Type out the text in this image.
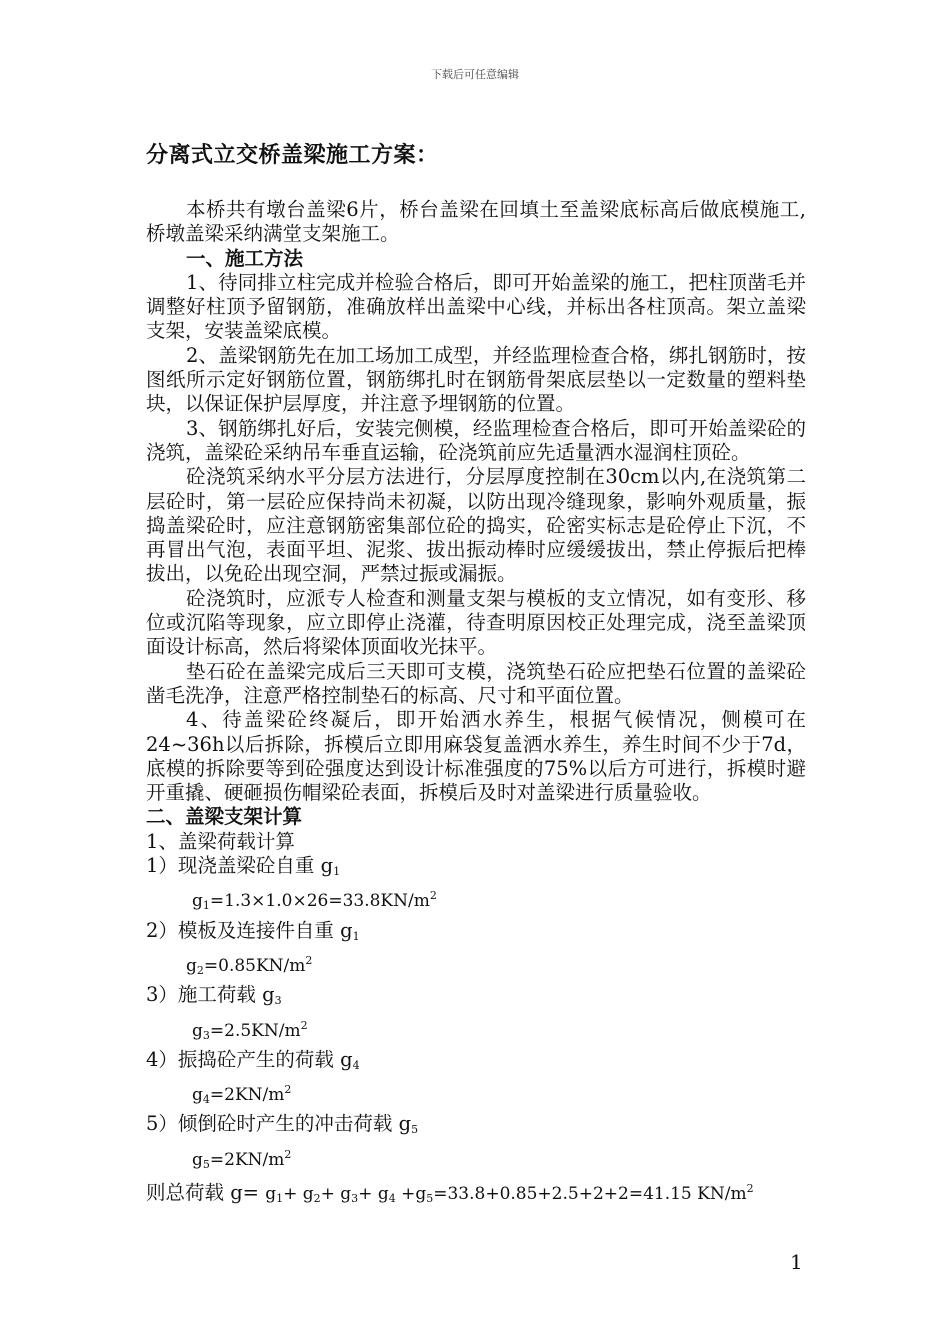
下载后可任意编辑
分离式立交桥盖梁施工方案：

本桥共有墩台盖梁6片，桥台盖梁在回填土至盖梁底标高后做底模施工,桥墩盖梁采纳满堂支架施工。

一、施工方法

1、待同排立柱完成并检验合格后，即可开始盖梁的施工，把柱顶凿毛并调整好柱顶予留钢筋，准确放样出盖梁中心线，并标出各柱顶高。架立盖梁支架，安装盖梁底模。

2、盖梁钢筋先在加工场加工成型，并经监理检查合格，绑扎钢筋时，按图纸所示定好钢筋位置，钢筋绑扎时在钢筋骨架底层垫以一定数量的塑料垫块，以保证保护层厚度，并注意予埋钢筋的位置。

3、钢筋绑扎好后，安装完侧模，经监理检查合格后，即可开始盖梁砼的浇筑，盖梁砼采纳吊车垂直运输，砼浇筑前应先适量洒水湿润柱顶砼。

砼浇筑采纳水平分层方法进行，分层厚度控制在30cm以内,在浇筑第二层砼时，第一层砼应保持尚未初凝，以防出现冷缝现象，影响外观质量，振捣盖梁砼时，应注意钢筋密集部位砼的捣实，砼密实标志是砼停止下沉，不再冒出气泡，表面平坦、泥浆、拔出振动棒时应缓缓拔出，禁止停振后把棒拔出，以免砼出现空洞，严禁过振或漏振。

砼浇筑时，应派专人检查和测量支架与模板的支立情况，如有变形、移位或沉陷等现象，应立即停止浇灌，待查明原因校正处理完成，浇至盖梁顶面设计标高，然后将梁体顶面收光抹平。

垫石砼在盖梁完成后三天即可支模，浇筑垫石砼应把垫石位置的盖梁砼凿毛洗净，注意严格控制垫石的标高、尺寸和平面位置。

4、待盖梁砼终凝后，即开始洒水养生，根据气候情况，侧模可在24~36h以后拆除，拆模后立即用麻袋复盖洒水养生，养生时间不少于7d，底模的拆除要等到砼强度达到设计标准强度的75%以后方可进行，拆模时避开重撬、硬砸损伤帽梁砼表面，拆模后及时对盖梁进行质量验收。

二、盖梁支架计算

1、盖梁荷载计算

1）现浇盖梁砼自重 $g_1$

$g_1=1.3\times 1.0\times 26=33.8KN/m^2$

2）模板及连接件自重 $g_1$

$g_2=0.85KN/m^2$

3）施工荷载 $g_3$

$g_3=2.5KN/m^2$

4）振捣砼产生的荷载 $g_4$

$g_4=2KN/m^2$

5）倾倒砼时产生的冲击荷载 $g_5$

$g_5=2KN/m^2$

则总荷载 $g= g_1+ g_2+ g_3+ g_4 +g_5=33.8+0.85+2.5+2+2=41.15$ $KN/m^2$

1
